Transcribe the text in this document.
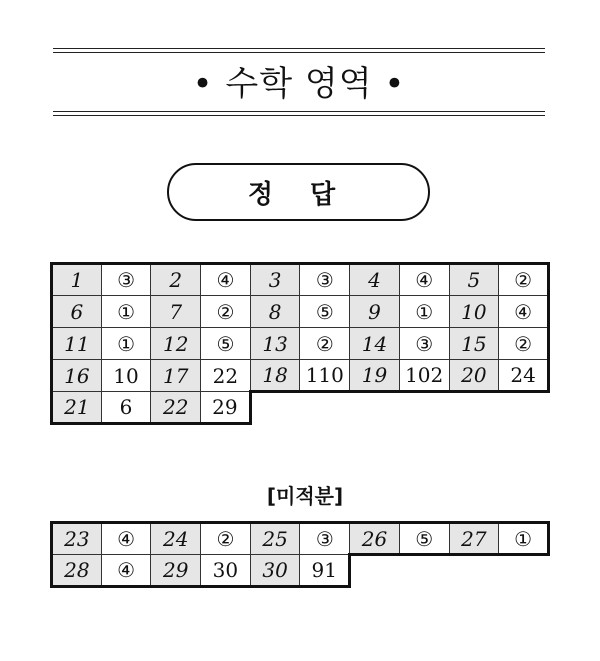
• 수학 영역 •
정 답
1	③	2	④	3	③	4	④	5	②
6	①	7	②	8	⑤	9	①	10	④
11	①	12	⑤	13	②	14	③	15	②
16	10	17	22	18	110	19	102	20	24
21	6	22	29						
[미적분]
23	④	24	②	25	③	26	⑤	27	①
28	④	29	30	30	91				
